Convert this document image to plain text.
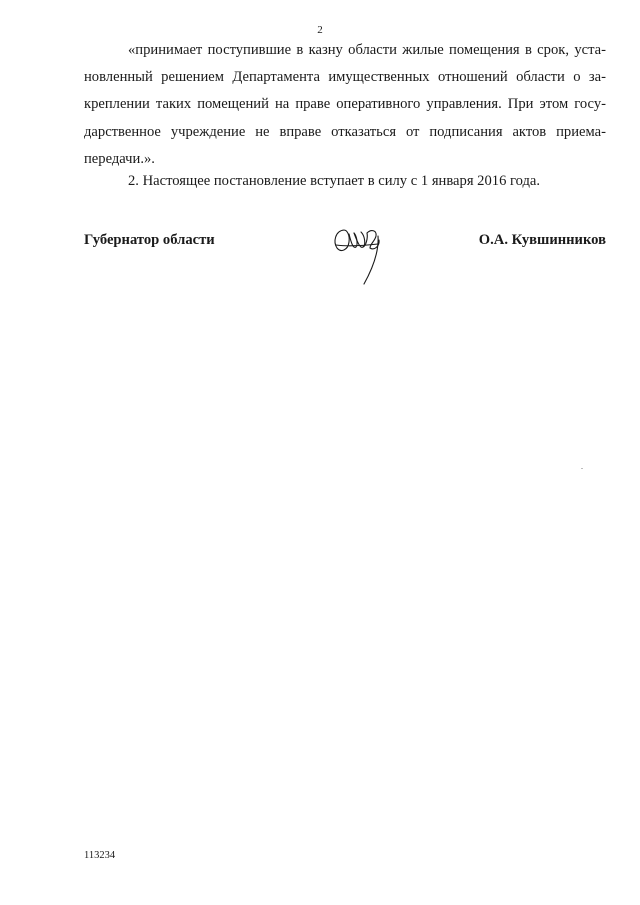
2
«принимает поступившие в казну области жилые помещения в срок, уста-
новленный решением Департамента имущественных отношений области о за-
креплении таких помещений на праве оперативного управления. При этом госу-
дарственное учреждение не вправе отказаться от подписания актов приема-
передачи.».
2. Настоящее постановление вступает в силу с 1 января 2016 года.
Губернатор области	О.А. Кувшинников
113234
